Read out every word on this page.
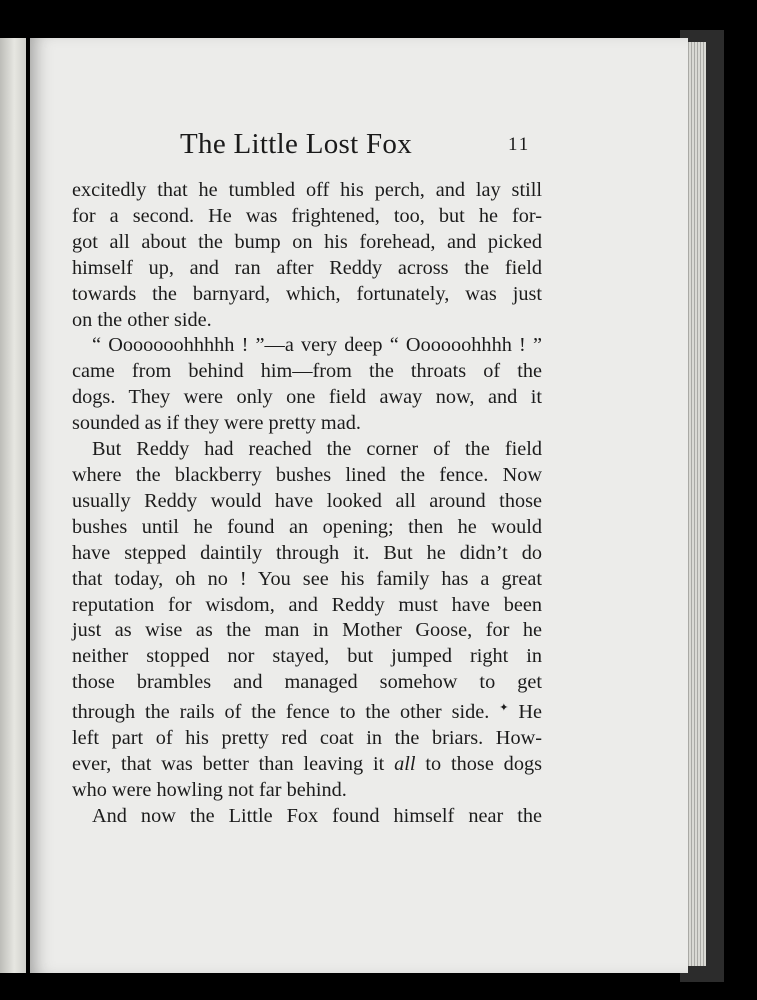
The Little Lost Fox	11
excitedly that he tumbled off his perch, and lay still
for a second. He was frightened, too, but he for-
got all about the bump on his forehead, and picked
himself up, and ran after Reddy across the field
towards the barnyard, which, fortunately, was just
on the other side.
“ Ooooooohhhhh ! ”—a very deep “ Oooooohhhh ! ”
came from behind him—from the throats of the
dogs. They were only one field away now, and it
sounded as if they were pretty mad.
But Reddy had reached the corner of the field
where the blackberry bushes lined the fence. Now
usually Reddy would have looked all around those
bushes until he found an opening; then he would
have stepped daintily through it. But he didn’t do
that today, oh no ! You see his family has a great
reputation for wisdom, and Reddy must have been
just as wise as the man in Mother Goose, for he
neither stopped nor stayed, but jumped right in
those brambles and managed somehow to get
through the rails of the fence to the other side. ✦ He
left part of his pretty red coat in the briars. How-
ever, that was better than leaving it all to those dogs
who were howling not far behind.
And now the Little Fox found himself near the
